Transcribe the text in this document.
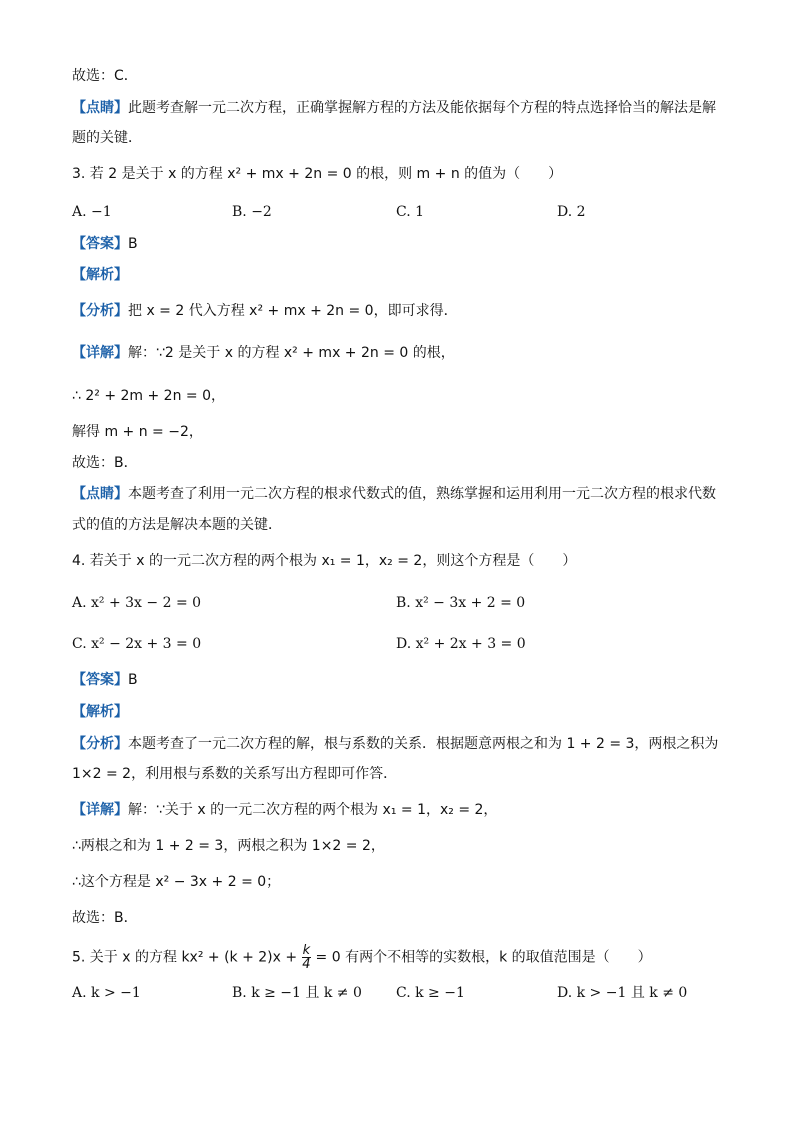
故选：C．
【点睛】此题考查解一元二次方程，正确掌握解方程的方法及能依据每个方程的特点选择恰当的解法是解
题的关键．
3. 若 2 是关于 x 的方程 x² + mx + 2n = 0 的根，则 m + n 的值为（　　）
A. −1	B. −2	C. 1	D. 2
【答案】B
【解析】
【分析】把 x = 2 代入方程 x² + mx + 2n = 0，即可求得．
【详解】解：∵2 是关于 x 的方程 x² + mx + 2n = 0 的根，
∴ 2² + 2m + 2n = 0，
解得 m + n = −2，
故选：B．
【点睛】本题考查了利用一元二次方程的根求代数式的值，熟练掌握和运用利用一元二次方程的根求代数
式的值的方法是解决本题的关键．
4. 若关于 x 的一元二次方程的两个根为 x₁ = 1，x₂ = 2，则这个方程是（　　）
A. x² + 3x − 2 = 0	B. x² − 3x + 2 = 0
C. x² − 2x + 3 = 0	D. x² + 2x + 3 = 0
【答案】B
【解析】
【分析】本题考查了一元二次方程的解，根与系数的关系．根据题意两根之和为 1 + 2 = 3，两根之积为
1×2 = 2，利用根与系数的关系写出方程即可作答．
【详解】解：∵关于 x 的一元二次方程的两个根为 x₁ = 1，x₂ = 2，
∴两根之和为 1 + 2 = 3，两根之积为 1×2 = 2，
∴这个方程是 x² − 3x + 2 = 0；
故选：B．
5. 关于 x 的方程 $kx^2 + (k + 2)x + \frac{k}{4} = 0$ 有两个不相等的实数根，k 的取值范围是（　　）
A. k > −1	B. k ≥ −1 且 k ≠ 0 C. k ≥ −1	D. k > −1 且 k ≠ 0
